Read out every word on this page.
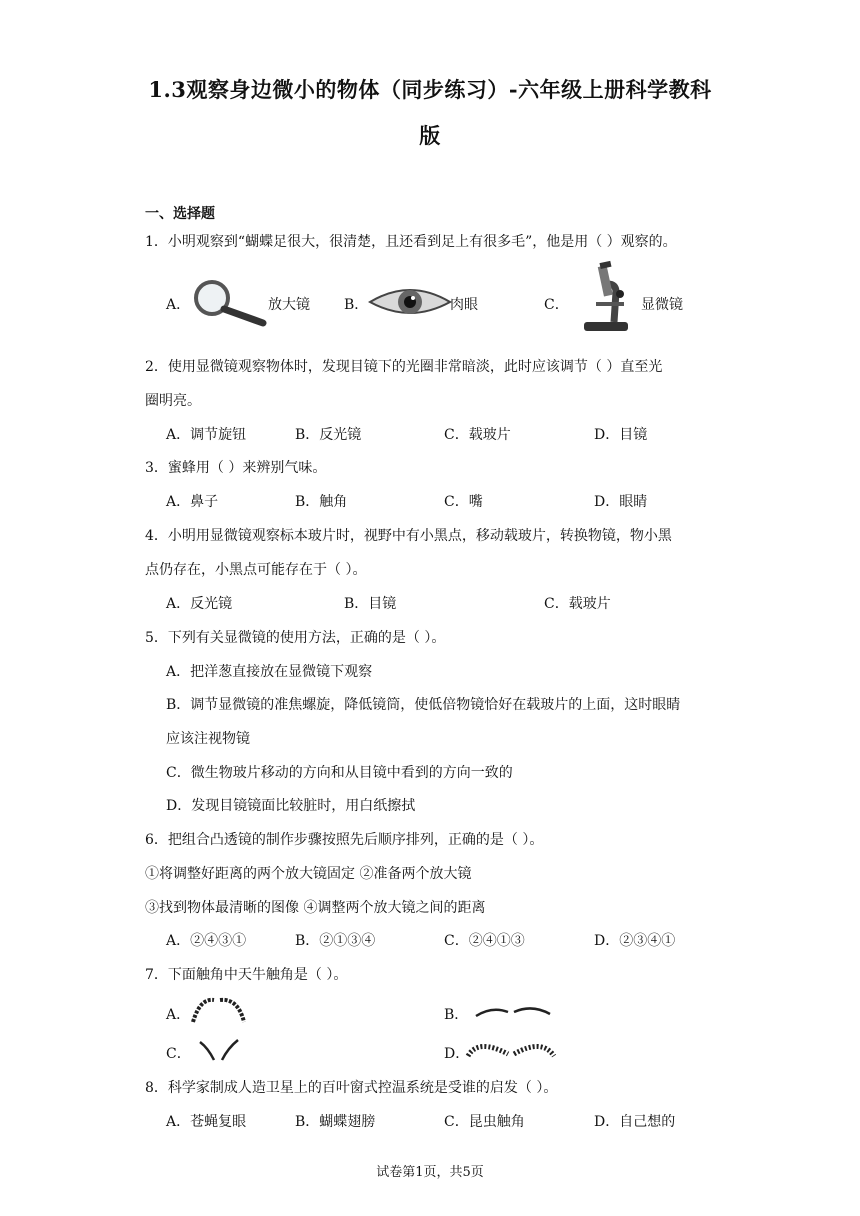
1.3观察身边微小的物体（同步练习）-六年级上册科学教科
版
一、选择题
1．小明观察到“蝴蝶足很大，很清楚，且还看到足上有很多毛”，他是用（ ）观察的。
A．	放大镜 B．	肉眼	C．	显微镜
2．使用显微镜观察物体时，发现目镜下的光圈非常暗淡，此时应该调节（ ）直至光
圈明亮。
A．调节旋钮	B．反光镜	C．载玻片	D．目镜
3．蜜蜂用（ ）来辨别气味。
A．鼻子	B．触角	C．嘴	D．眼睛
4．小明用显微镜观察标本玻片时，视野中有小黑点，移动载玻片，转换物镜，物小黑
点仍存在，小黑点可能存在于（ ）。
A．反光镜	B．目镜	C．载玻片
5．下列有关显微镜的使用方法，正确的是（ ）。
A．把洋葱直接放在显微镜下观察
B．调节显微镜的准焦螺旋，降低镜筒，使低倍物镜恰好在载玻片的上面，这时眼睛
应该注视物镜
C．微生物玻片移动的方向和从目镜中看到的方向一致的
D．发现目镜镜面比较脏时，用白纸擦拭
6．把组合凸透镜的制作步骤按照先后顺序排列，正确的是（ ）。
①将调整好距离的两个放大镜固定 ②准备两个放大镜
③找到物体最清晰的图像 ④调整两个放大镜之间的距离
A．②④③①	B．②①③④	C．②④①③	D．②③④①
7．下面触角中天牛触角是（ ）。
A．	B．
C．	D．
8．科学家制成人造卫星上的百叶窗式控温系统是受谁的启发（ ）。
A．苍蝇复眼	B．蝴蝶翅膀	C．昆虫触角	D．自己想的
试卷第1页，共5页
